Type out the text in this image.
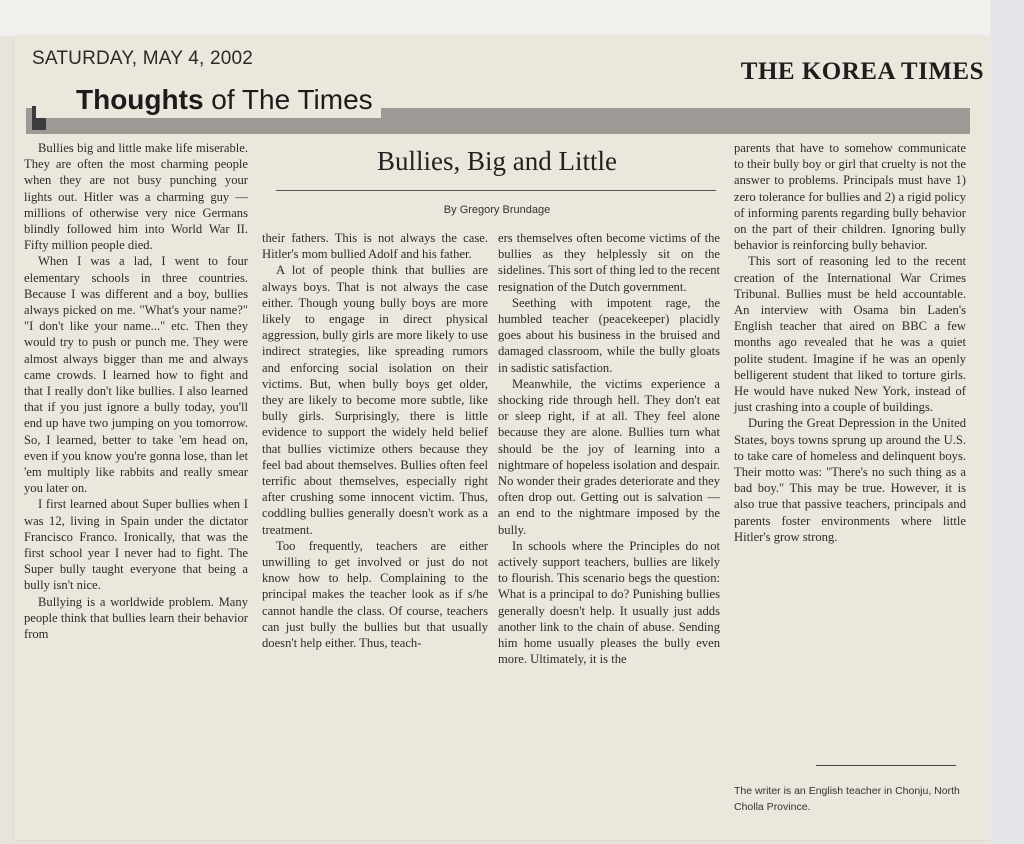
SATURDAY, MAY 4, 2002	THE KOREA TIMES
Thoughts of The Times
Bullies, Big and Little
By Gregory Brundage

Bullies big and little make life miserable. They are often the most charming people when they are not busy punching your lights out. Hitler was a charming guy — millions of otherwise very nice Germans blindly followed him into World War II. Fifty million people died.

When I was a lad, I went to four elementary schools in three countries. Because I was different and a boy, bullies always picked on me. "What's your name?" "I don't like your name..." etc. Then they would try to push or punch me. They were almost always bigger than me and always came crowds. I learned how to fight and that I really don't like bullies. I also learned that if you just ignore a bully today, you'll end up have two jumping on you tomorrow. So, I learned, better to take 'em head on, even if you know you're gonna lose, than let 'em multiply like rabbits and really smear you later on.

I first learned about Super bullies when I was 12, living in Spain under the dictator Francisco Franco. Ironically, that was the first school year I never had to fight. The Super bully taught everyone that being a bully isn't nice.

Bullying is a worldwide problem. Many people think that bullies learn their behavior from

their fathers. This is not always the case. Hitler's mom bullied Adolf and his father.

A lot of people think that bullies are always boys. That is not always the case either. Though young bully boys are more likely to engage in direct physical aggression, bully girls are more likely to use indirect strategies, like spreading rumors and enforcing social isolation on their victims. But, when bully boys get older, they are likely to become more subtle, like bully girls. Surprisingly, there is little evidence to support the widely held belief that bullies victimize others because they feel bad about themselves. Bullies often feel terrific about themselves, especially right after crushing some innocent victim. Thus, coddling bullies generally doesn't work as a treatment.

Too frequently, teachers are either unwilling to get involved or just do not know how to help. Complaining to the principal makes the teacher look as if s/he cannot handle the class. Of course, teachers can just bully the bullies but that usually doesn't help either. Thus, teach-

ers themselves often become victims of the bullies as they helplessly sit on the sidelines. This sort of thing led to the recent resignation of the Dutch government.

Seething with impotent rage, the humbled teacher (peacekeeper) placidly goes about his business in the bruised and damaged classroom, while the bully gloats in sadistic satisfaction.

Meanwhile, the victims experience a shocking ride through hell. They don't eat or sleep right, if at all. They feel alone because they are alone. Bullies turn what should be the joy of learning into a nightmare of hopeless isolation and despair. No wonder their grades deteriorate and they often drop out. Getting out is salvation — an end to the nightmare imposed by the bully.

In schools where the Principles do not actively support teachers, bullies are likely to flourish. This scenario begs the question: What is a principal to do? Punishing bullies generally doesn't help. It usually just adds another link to the chain of abuse. Sending him home usually pleases the bully even more. Ultimately, it is the

parents that have to somehow communicate to their bully boy or girl that cruelty is not the answer to problems. Principals must have 1) zero tolerance for bullies and 2) a rigid policy of informing parents regarding bully behavior on the part of their children. Ignoring bully behavior is reinforcing bully behavior.

This sort of reasoning led to the recent creation of the International War Crimes Tribunal. Bullies must be held accountable. An interview with Osama bin Laden's English teacher that aired on BBC a few months ago revealed that he was a quiet polite student. Imagine if he was an openly belligerent student that liked to torture girls. He would have nuked New York, instead of just crashing into a couple of buildings.

During the Great Depression in the United States, boys towns sprung up around the U.S. to take care of homeless and delinquent boys. Their motto was: "There's no such thing as a bad boy." This may be true. However, it is also true that passive teachers, principals and parents foster environments where little Hitler's grow strong.

The writer is an English teacher in Chonju, North Cholla Province.
